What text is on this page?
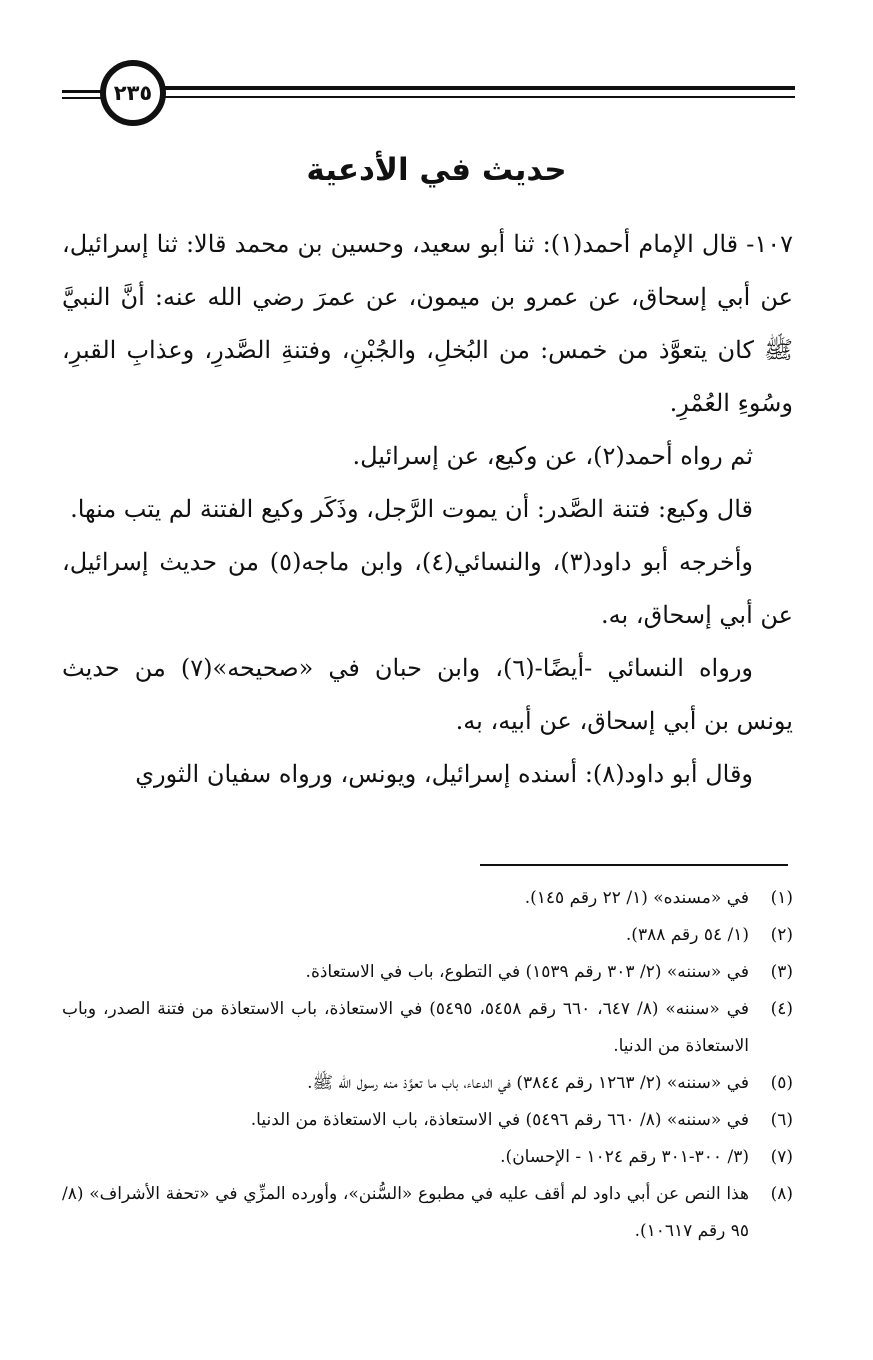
٢٣٥
حديث في الأدعية

١٠٧- قال الإمام أحمد(١): ثنا أبو سعيد، وحسين بن محمد قالا: ثنا إسرائيل، عن أبي إسحاق، عن عمرو بن ميمون، عن عمرَ رضي الله عنه: أنَّ النبيَّ ﷺ كان يتعوَّذ من خمس: من البُخلِ، والجُبْنِ، وفتنةِ الصَّدرِ، وعذابِ القبرِ، وسُوءِ العُمْرِ.

ثم رواه أحمد(٢)، عن وكيع، عن إسرائيل.

قال وكيع: فتنة الصَّدر: أن يموت الرَّجل، وذَكَر وكيع الفتنة لم يتب منها.

وأخرجه أبو داود(٣)، والنسائي(٤)، وابن ماجه(٥) من حديث إسرائيل، عن أبي إسحاق، به.

ورواه النسائي -أيضًا-(٦)، وابن حبان في «صحيحه»(٧) من حديث يونس بن أبي إسحاق، عن أبيه، به.

وقال أبو داود(٨): أسنده إسرائيل، ويونس، ورواه سفيان الثوري

(١)
في «مسنده» (١/ ٢٢ رقم ١٤٥).
(٢)
(١/ ٥٤ رقم ٣٨٨).
(٣)
في «سننه» (٢/ ٣٠٣ رقم ١٥٣٩) في التطوع، باب في الاستعاذة.
(٤)
في «سننه» (٨/ ٦٤٧، ٦٦٠ رقم ٥٤٥٨، ٥٤٩٥) في الاستعاذة، باب الاستعاذة من فتنة الصدر، وباب الاستعاذة من الدنيا.
(٥)
في «سننه» (٢/ ١٢٦٣ رقم ٣٨٤٤) في الدعاء، باب ما تعوَّذ منه رسول الله ﷺ.
(٦)
في «سننه» (٨/ ٦٦٠ رقم ٥٤٩٦) في الاستعاذة، باب الاستعاذة من الدنيا.
(٧)
(٣/ ٣٠٠-٣٠١ رقم ١٠٢٤ - الإحسان).
(٨)
هذا النص عن أبي داود لم أقف عليه في مطبوع «السُّنن»، وأورده المزِّي في «تحفة الأشراف» (٨/ ٩٥ رقم ١٠٦١٧).
